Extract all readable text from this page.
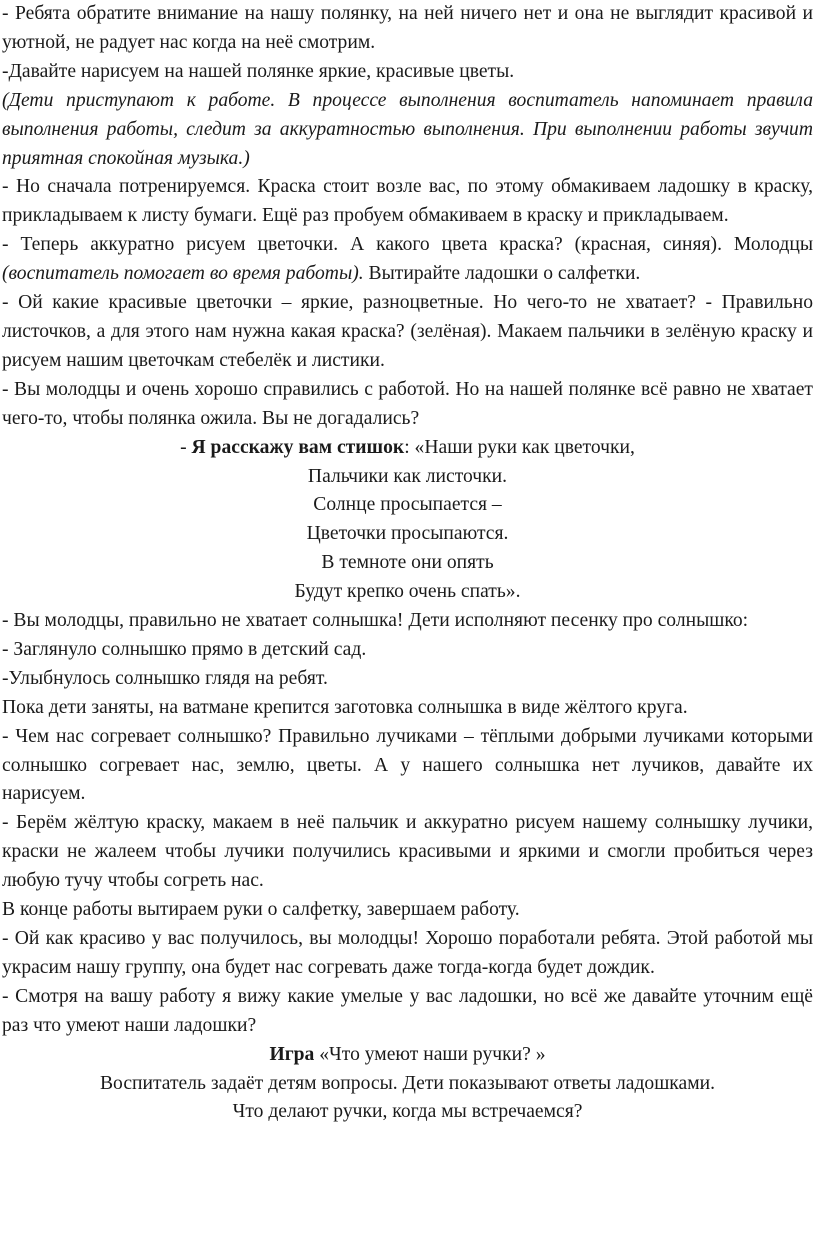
- Ребята обратите внимание на нашу полянку, на ней ничего нет и она не выглядит красивой и уютной, не радует нас когда на неё смотрим.

-Давайте нарисуем на нашей полянке яркие, красивые цветы.

(Дети приступают к работе. В процессе выполнения воспитатель напоминает правила выполнения работы, следит за аккуратностью выполнения. При выполнении работы звучит приятная спокойная музыка.)

- Но сначала потренируемся. Краска стоит возле вас, по этому обмакиваем ладошку в краску, прикладываем к листу бумаги. Ещё раз пробуем обмакиваем в краску и прикладываем.

- Теперь аккуратно рисуем цветочки. А какого цвета краска? (красная, синяя). Молодцы (воспитатель помогает во время работы). Вытирайте ладошки о салфетки.

- Ой какие красивые цветочки – яркие, разноцветные. Но чего-то не хватает? - Правильно листочков, а для этого нам нужна какая краска? (зелёная). Макаем пальчики в зелёную краску и рисуем нашим цветочкам стебелёк и листики.

- Вы молодцы и очень хорошо справились с работой. Но на нашей полянке всё равно не хватает чего-то, чтобы полянка ожила. Вы не догадались?

- Я расскажу вам стишок: «Наши руки как цветочки,

Пальчики как листочки.

Солнце просыпается –

Цветочки просыпаются.

В темноте они опять

Будут крепко очень спать».

- Вы молодцы, правильно не хватает солнышка! Дети исполняют песенку про солнышко:

- Заглянуло солнышко прямо в детский сад.

-Улыбнулось солнышко глядя на ребят.

Пока дети заняты, на ватмане крепится заготовка солнышка в виде жёлтого круга.

- Чем нас согревает солнышко? Правильно лучиками – тёплыми добрыми лучиками которыми солнышко согревает нас, землю, цветы. А у нашего солнышка нет лучиков, давайте их нарисуем.

- Берём жёлтую краску, макаем в неё пальчик и аккуратно рисуем нашему солнышку лучики, краски не жалеем чтобы лучики получились красивыми и яркими и смогли пробиться через любую тучу чтобы согреть нас.

В конце работы вытираем руки о салфетку, завершаем работу.

- Ой как красиво у вас получилось, вы молодцы! Хорошо поработали ребята. Этой работой мы украсим нашу группу, она будет нас согревать даже тогда-когда будет дождик.

- Смотря на вашу работу я вижу какие умелые у вас ладошки, но всё же давайте уточним ещё раз что умеют наши ладошки?

Игра «Что умеют наши ручки? »

Воспитатель задаёт детям вопросы. Дети показывают ответы ладошками.

Что делают ручки, когда мы встречаемся?
